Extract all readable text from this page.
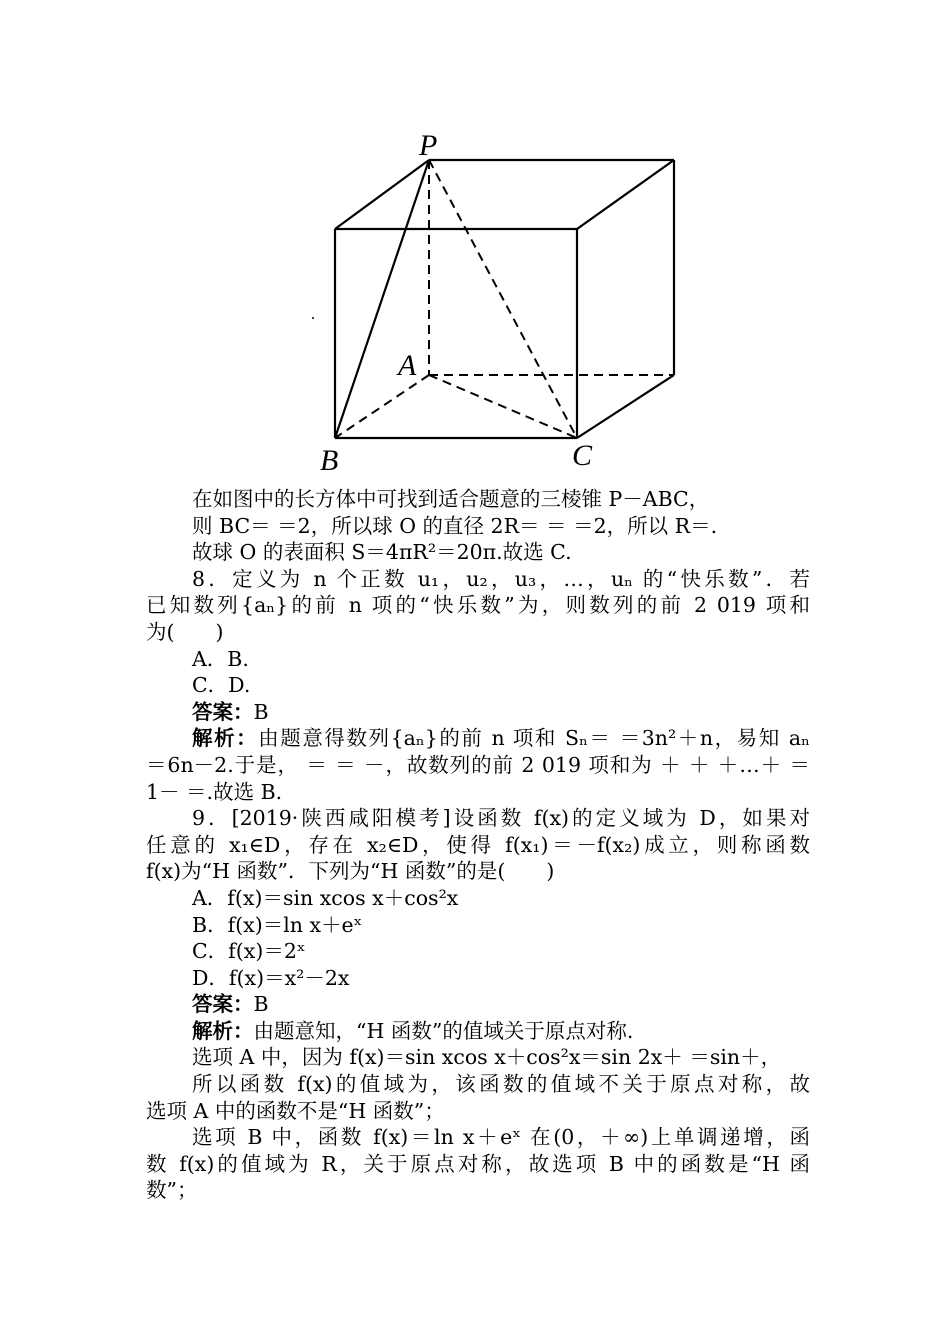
P
A
B	C
在如图中的长方体中可找到适合题意的三棱锥 P－ABC，
则 BC＝ ＝2，所以球 O 的直径 2R＝ ＝ ＝2，所以 R＝.
故球 O 的表面积 S＝4πR²＝20π.故选 C.
8．定义为 n 个正数 u₁，u₂，u₃，…，uₙ 的“快乐数”．若
已知数列{aₙ}的前 n 项的“快乐数”为，则数列的前 2 019 项和
为(　　)
A．B.
C．D.
答案：B
解析：由题意得数列{aₙ}的前 n 项和 Sₙ＝ ＝3n²＋n，易知 aₙ
＝6n－2.于是， ＝ ＝ －，故数列的前 2 019 项和为 ＋ ＋ ＋…＋ ＝
1－ ＝.故选 B.
9．[2019·陕西咸阳模考]设函数 f(x)的定义域为 D，如果对
任意的 x₁∈D，存在 x₂∈D，使得 f(x₁)＝－f(x₂)成立，则称函数
f(x)为“H 函数”．下列为“H 函数”的是(　　)
A．f(x)＝sin xcos x＋cos²x
B．f(x)＝ln x＋eˣ
C．f(x)＝2ˣ
D．f(x)＝x²－2x
答案：B
解析：由题意知，“H 函数”的值域关于原点对称.
选项 A 中，因为 f(x)＝sin xcos x＋cos²x＝sin 2x＋ ＝sin＋，
所以函数 f(x)的值域为，该函数的值域不关于原点对称，故
选项 A 中的函数不是“H 函数”；
选项 B 中，函数 f(x)＝ln x＋eˣ 在(0，＋∞)上单调递增，函
数 f(x)的值域为 R，关于原点对称，故选项 B 中的函数是“H 函
数”；
